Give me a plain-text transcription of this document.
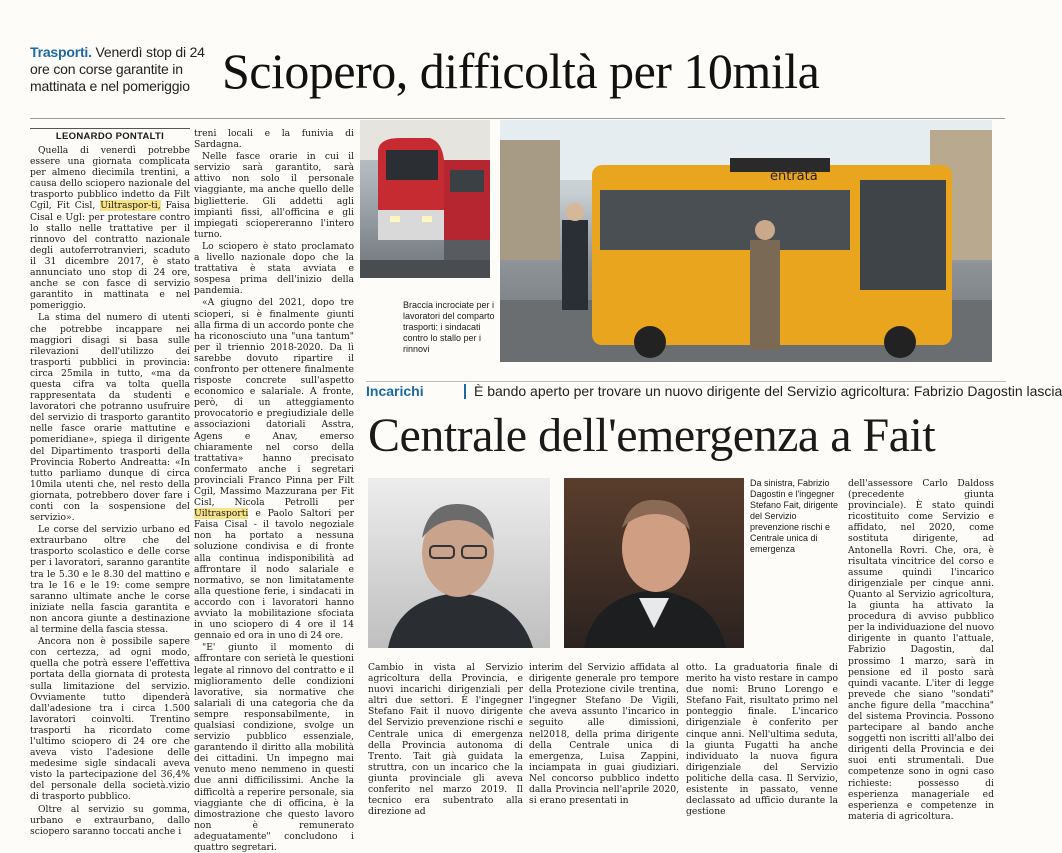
Trasporti. Venerdì stop di 24 ore con corse garantite in mattinata e nel pomeriggio Sciopero, difficoltà per 10mila
LEONARDO PONTALTI

Quella di venerdì potrebbe essere una giornata complicata per almeno diecimila trentini, a causa dello sciopero nazionale del trasporto pubblico indetto da Filt Cgil, Fit Cisl, Uiltraspor-ti, Faisa Cisal e Ugl: per protestare contro lo stallo nelle trattative per il rinnovo del contratto nazionale degli autoferrotranvieri, scaduto il 31 dicembre 2017, è stato annunciato uno stop di 24 ore, anche se con fasce di servizio garantito in mattinata e nel pomeriggio.

La stima del numero di utenti che potrebbe incappare nei maggiori disagi si basa sulle rilevazioni dell'utilizzo dei trasporti pubblici in provincia: circa 25mila in tutto, «ma da questa cifra va tolta quella rappresentata da studenti e lavoratori che potranno usufruire del servizio di trasporto garantito nelle fasce orarie mattutine e pomeridiane», spiega il dirigente del Dipartimento trasporti della Provincia Roberto Andreatta: «In tutto parliamo dunque di circa 10mila utenti che, nel resto della giornata, potrebbero dover fare i conti con la sospensione del servizio».

Le corse del servizio urbano ed extraurbano oltre che del trasporto scolastico e delle corse per i lavoratori, saranno garantite tra le 5.30 e le 8.30 del mattino e tra le 16 e le 19: come sempre saranno ultimate anche le corse iniziate nella fascia garantita e non ancora giunte a destinazione al termine della fascia stessa.

Ancora non è possibile sapere con certezza, ad ogni modo, quella che potrà essere l'effettiva portata della giornata di protesta sulla limitazione del servizio. Ovviamente tutto dipenderà dall'adesione tra i circa 1.500 lavoratori coinvolti. Trentino trasporti ha ricordato come l'ultimo sciopero di 24 ore che aveva visto l'adesione delle medesime sigle sindacali aveva visto la partecipazione del 36,4% del personale della società.vizio di trasporto pubblico.

Oltre al servizio su gomma, urbano e extraurbano, dallo sciopero saranno toccati anche i

treni locali e la funivia di Sardagna.

Nelle fasce orarie in cui il servizio sarà garantito, sarà attivo non solo il personale viaggiante, ma anche quello delle biglietterie. Gli addetti agli impianti fissi, all'officina e gli impiegati sciopereranno l'intero turno.

Lo sciopero è stato proclamato a livello nazionale dopo che la trattativa è stata avviata e sospesa prima dell'inizio della pandemia.

«A giugno del 2021, dopo tre scioperi, si è finalmente giunti alla firma di un accordo ponte che ha riconosciuto una "una tantum" per il triennio 2018-2020. Da lì sarebbe dovuto ripartire il confronto per ottenere finalmente risposte concrete sull'aspetto economico e salariale. A fronte, però, di un atteggiamento provocatorio e pregiudiziale delle associazioni datoriali Asstra, Agens e Anav, emerso chiaramente nel corso della trattativa» hanno precisato confermato anche i segretari provinciali Franco Pinna per Filt Cgil, Massimo Mazzurana per Fit Cisl, Nicola Petrolli per Uiltrasporti e Paolo Saltori per Faisa Cisal - il tavolo negoziale non ha portato a nessuna soluzione condivisa e di fronte alla continua indisponibilità ad affrontare il nodo salariale e normativo, se non limitatamente alla questione ferie, i sindacati in accordo con i lavoratori hanno avviato la mobilitazione sfociata in uno sciopero di 4 ore il 14 gennaio ed ora in uno di 24 ore.

"E' giunto il momento di affrontare con serietà le questioni legate al rinnovo del contratto e il miglioramento delle condizioni lavorative, sia normative che salariali di una categoria che da sempre responsabilmente, in qualsiasi condizione, svolge un servizio pubblico essenziale, garantendo il diritto alla mobilità dei cittadini. Un impegno mai venuto meno nemmeno in questi due anni difficilissimi. Anche la difficoltà a reperire personale, sia viaggiante che di officina, è la dimostrazione che questo lavoro non è remunerato adeguatamente" concludono i quattro segretari.

entrata
Braccia incrociate per i lavoratori del comparto trasporti: i sindacati contro lo stallo per i rinnovi
Incarichi	È bando aperto per trovare un nuovo dirigente del Servizio agricoltura: Fabrizio Dagostin lascia
Centrale dell'emergenza a Fait
Da sinistra, Fabrizio Dagostin e l'ingegner Stefano Fait, dirigente del Servizio prevenzione rischi e Centrale unica di emergenza

Cambio in vista al Servizio agricoltura della Provincia, e nuovi incarichi dirigenziali per altri due settori. È l'ingegner Stefano Fait il nuovo dirigente del Servizio prevenzione rischi e Centrale unica di emergenza della Provincia autonoma di Trento. Tait già guidata la struttra, con un incarico che la giunta provinciale gli aveva conferito nel marzo 2019. Il tecnico era subentrato alla direzione ad

interim del Servizio affidata al dirigente generale pro tempore della Protezione civile trentina, l'ingegner Stefano De Vigili, che aveva assunto l'incarico in seguito alle dimissioni, nel2018, della prima dirigente della Centrale unica di emergenza, Luisa Zappini, inciampata in guai giudiziari. Nel concorso pubblico indetto dalla Provincia nell'aprile 2020, si erano presentati in

otto. La graduatoria finale di merito ha visto restare in campo due nomi: Bruno Lorengo e Stefano Fait, risultato primo nel ponteggio finale. L'incarico dirigenziale è conferito per cinque anni. Nell'ultima seduta, la giunta Fugatti ha anche individuato la nuova figura dirigenziale del Servizio politiche della casa. Il Servizio, esistente in passato, venne declassato ad ufficio durante la gestione

dell'assessore Carlo Daldoss (precedente giunta provinciale). È stato quindi ricostituito come Servizio e affidato, nel 2020, come sostituta dirigente, ad Antonella Rovri. Che, ora, è risultata vincitrice del corso e assume quindi l'incarico dirigenziale per cinque anni. Quanto al Servizio agricoltura, la giunta ha attivato la procedura di avviso pubblico per la individuazione del nuovo dirigente in quanto l'attuale, Fabrizio Dagostin, dal prossimo 1 marzo, sarà in pensione ed il posto sarà quindi vacante. L'iter di legge prevede che siano "sondati" anche figure della "macchina" del sistema Provincia. Possono partecipare al bando anche soggetti non iscritti all'albo dei dirigenti della Provincia e dei suoi enti strumentali. Due competenze sono in ogni caso richieste: possesso di esperienza manageriale ed esperienza e competenze in materia di agricoltura.
